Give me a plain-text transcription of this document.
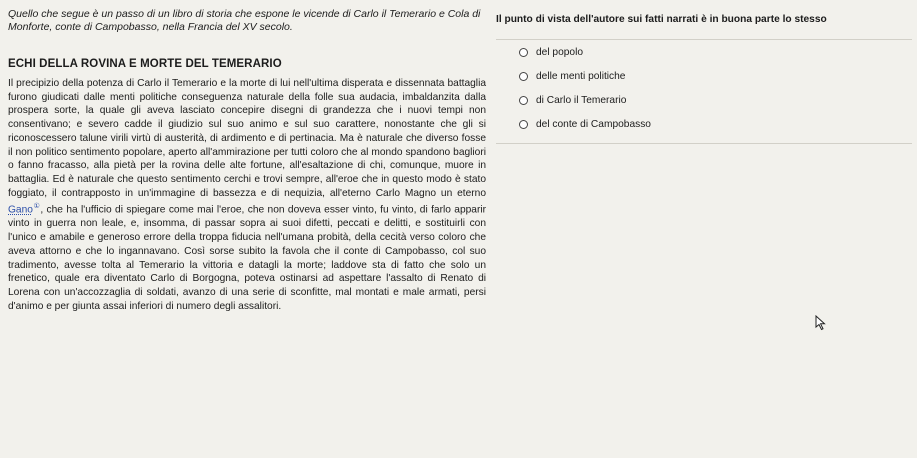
Quello che segue è un passo di un libro di storia che espone le vicende di Carlo il Temerario e Cola di Monforte, conte di Campobasso, nella Francia del XV secolo.

ECHI DELLA ROVINA E MORTE DEL TEMERARIO

Il precipizio della potenza di Carlo il Temerario e la morte di lui nell'ultima disperata e dissennata battaglia furono giudicati dalle menti politiche conseguenza naturale della folle sua audacia, imbaldanzita dalla prospera sorte, la quale gli aveva lasciato concepire disegni di grandezza che i nuovi tempi non consentivano; e severo cadde il giudizio sul suo animo e sul suo carattere, nonostante che gli si riconoscessero talune virili virtù di austerità, di ardimento e di pertinacia. Ma è naturale che diverso fosse il non politico sentimento popolare, aperto all'ammirazione per tutti coloro che al mondo spandono bagliori o fanno fracasso, alla pietà per la rovina delle alte fortune, all'esaltazione di chi, comunque, muore in battaglia. Ed è naturale che questo sentimento cerchi e trovi sempre, all'eroe che in questo modo è stato foggiato, il contrapposto in un'immagine di bassezza e di nequizia, all'eterno Carlo Magno un eterno Gano①, che ha l'ufficio di spiegare come mai l'eroe, che non doveva esser vinto, fu vinto, di farlo apparir vinto in guerra non leale, e, insomma, di passar sopra ai suoi difetti, peccati e delitti, e sostituirli con l'unico e amabile e generoso errore della troppa fiducia nell'umana probità, della cecità verso coloro che aveva attorno e che lo ingannavano. Così sorse subito la favola che il conte di Campobasso, col suo tradimento, avesse tolta al Temerario la vittoria e datagli la morte; laddove sta di fatto che solo un frenetico, quale era diventato Carlo di Borgogna, poteva ostinarsi ad aspettare l'assalto di Renato di Lorena con un'accozzaglia di soldati, avanzo di una serie di sconfitte, mal montati e male armati, persi d'animo e per giunta assai inferiori di numero degli assalitori.

Il punto di vista dell'autore sui fatti narrati è in buona parte lo stesso

del popolo
delle menti politiche
di Carlo il Temerario
del conte di Campobasso
